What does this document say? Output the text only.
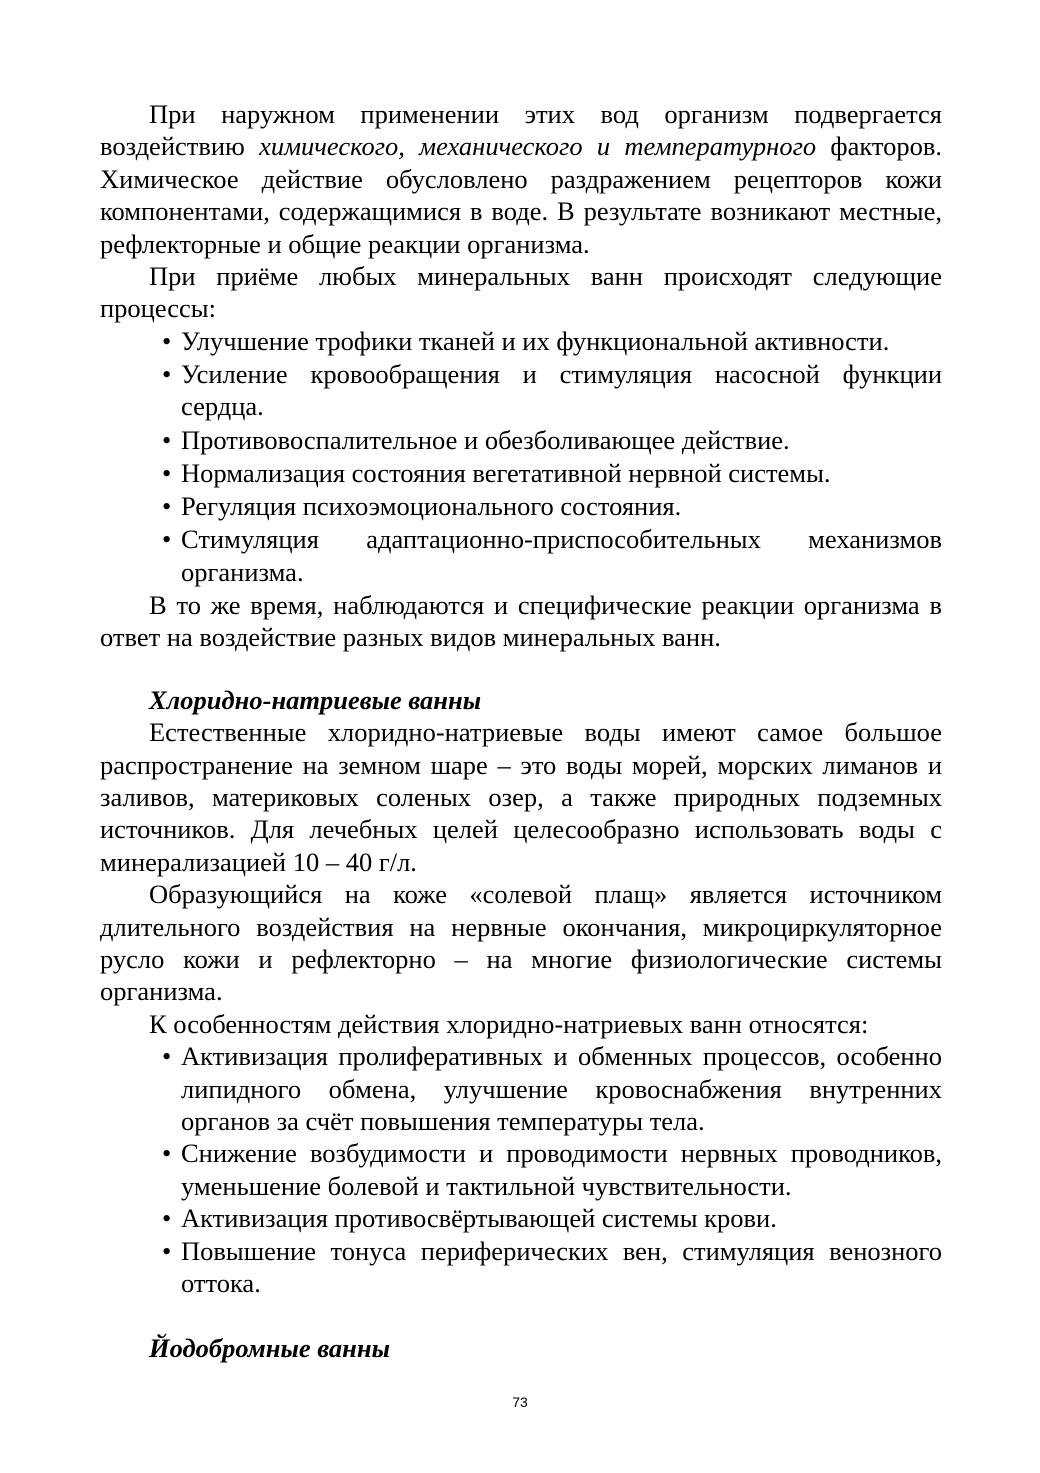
При наружном применении этих вод организм подвергается воздействию химического, механического и температурного факторов. Химическое действие обусловлено раздражением рецепторов кожи компонентами, содержащимися в воде. В результате возникают местные, рефлекторные и общие реакции организма.

При приёме любых минеральных ванн происходят следующие процессы:

• Улучшение трофики тканей и их функциональной активности.
• Усиление кровообращения и стимуляция насосной функции сердца.
• Противовоспалительное и обезболивающее действие.
• Нормализация состояния вегетативной нервной системы.
• Регуляция психоэмоционального состояния.
• Стимуляция адаптационно-приспособительных механизмов организма.

В то же время, наблюдаются и специфические реакции организма в ответ на воздействие разных видов минеральных ванн.

Хлоридно-натриевые ванны

Естественные хлоридно-натриевые воды имеют самое большое распространение на земном шаре – это воды морей, морских лиманов и заливов, материковых соленых озер, а также природных подземных источников. Для лечебных целей целесообразно использовать воды с минерализацией 10 – 40 г/л.

Образующийся на коже «солевой плащ» является источником длительного воздействия на нервные окончания, микроциркуляторное русло кожи и рефлекторно – на многие физиологические системы организма.

К особенностям действия хлоридно-натриевых ванн относятся:

• Активизация пролиферативных и обменных процессов, особенно липидного обмена, улучшение кровоснабжения внутренних органов за счёт повышения температуры тела.
• Снижение возбудимости и проводимости нервных проводников, уменьшение болевой и тактильной чувствительности.
• Активизация противосвёртывающей системы крови.
• Повышение тонуса периферических вен, стимуляция венозного оттока.

Йодобромные ванны

73
